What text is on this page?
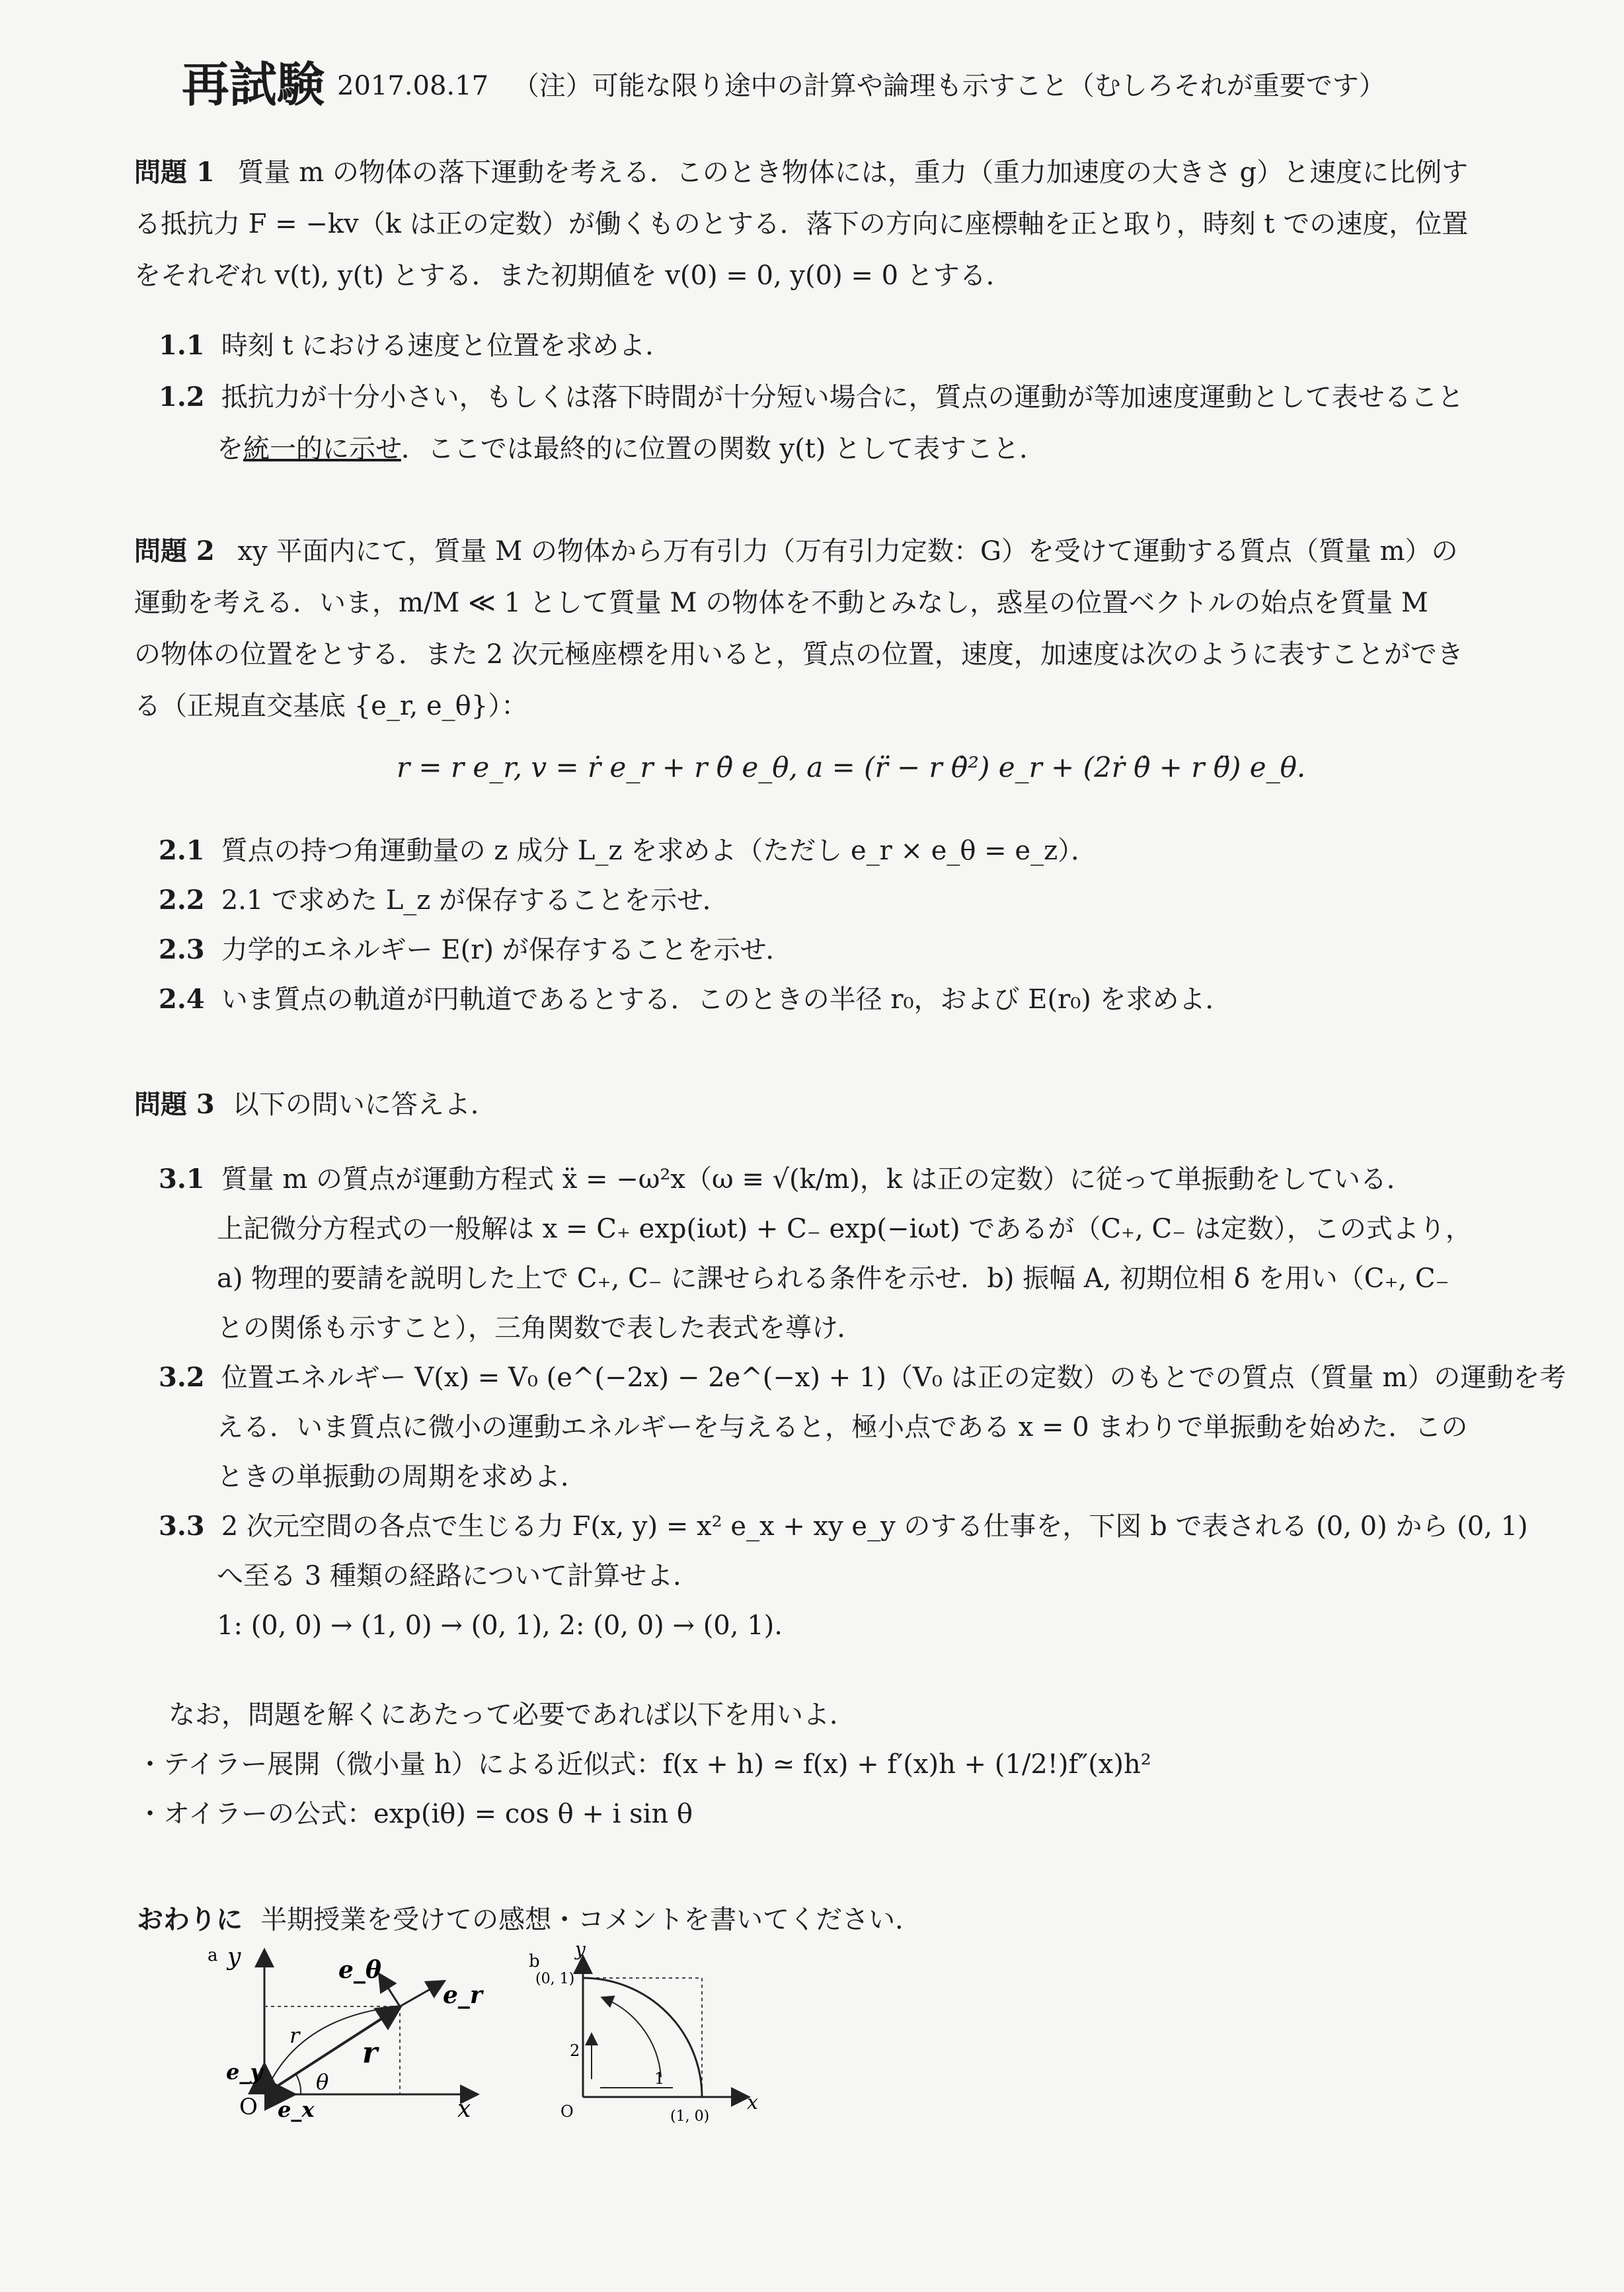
再試験 2017.08.17 （注）可能な限り途中の計算や論理も示すこと（むしろそれが重要です）
問題 1 質量 m の物体の落下運動を考える．このとき物体には，重力（重力加速度の大きさ g）と速度に比例す
る抵抗力 F = −kv（k は正の定数）が働くものとする．落下の方向に座標軸を正と取り，時刻 t での速度，位置
をそれぞれ v(t), y(t) とする．また初期値を v(0) = 0, y(0) = 0 とする．
1.1 時刻 t における速度と位置を求めよ．
1.2 抵抗力が十分小さい，もしくは落下時間が十分短い場合に，質点の運動が等加速度運動として表せること
を統一的に示せ．ここでは最終的に位置の関数 y(t) として表すこと．
問題 2 xy 平面内にて，質量 M の物体から万有引力（万有引力定数：G）を受けて運動する質点（質量 m）の
運動を考える．いま，m/M ≪ 1 として質量 M の物体を不動とみなし，惑星の位置ベクトルの始点を質量 M
の物体の位置をとする．また 2 次元極座標を用いると，質点の位置，速度，加速度は次のように表すことができ
る（正規直交基底 {e_r, e_θ}）：
r = r e_r, v = ṙ e_r + r θ̇ e_θ, a = (r̈ − r θ̇²) e_r + (2ṙ θ̇ + r θ̈) e_θ.
2.1 質点の持つ角運動量の z 成分 L_z を求めよ（ただし e_r × e_θ = e_z）．
2.2 2.1 で求めた L_z が保存することを示せ．
2.3 力学的エネルギー E(r) が保存することを示せ．
2.4 いま質点の軌道が円軌道であるとする．このときの半径 r₀，および E(r₀) を求めよ．
問題 3 以下の問いに答えよ．
3.1 質量 m の質点が運動方程式 ẍ = −ω²x（ω ≡ √(k/m)，k は正の定数）に従って単振動をしている．
上記微分方程式の一般解は x = C₊ exp(iωt) + C₋ exp(−iωt) であるが（C₊, C₋ は定数），この式より，
a) 物理的要請を説明した上で C₊, C₋ に課せられる条件を示せ．b) 振幅 A, 初期位相 δ を用い（C₊, C₋
との関係も示すこと），三角関数で表した表式を導け．
3.2 位置エネルギー V(x) = V₀ (e^(−2x) − 2e^(−x) + 1)（V₀ は正の定数）のもとでの質点（質量 m）の運動を考
える．いま質点に微小の運動エネルギーを与えると，極小点である x = 0 まわりで単振動を始めた．この
ときの単振動の周期を求めよ．
3.3 2 次元空間の各点で生じる力 F(x, y) = x² e_x + xy e_y のする仕事を，下図 b で表される (0, 0) から (0, 1)
へ至る 3 種類の経路について計算せよ．
1: (0, 0) → (1, 0) → (0, 1), 2: (0, 0) → (0, 1).
なお，問題を解くにあたって必要であれば以下を用いよ．
・テイラー展開（微小量 h）による近似式：f(x + h) ≃ f(x) + f′(x)h + (1/2!)f″(x)h²
・オイラーの公式：exp(iθ) = cos θ + i sin θ
おわりに 半期授業を受けての感想・コメントを書いてください．
a y
x
O e_x
e_y
e_r
e_θ
r
r
θ
b
y
x
O
(0, 1)
(1, 0)
1
2
